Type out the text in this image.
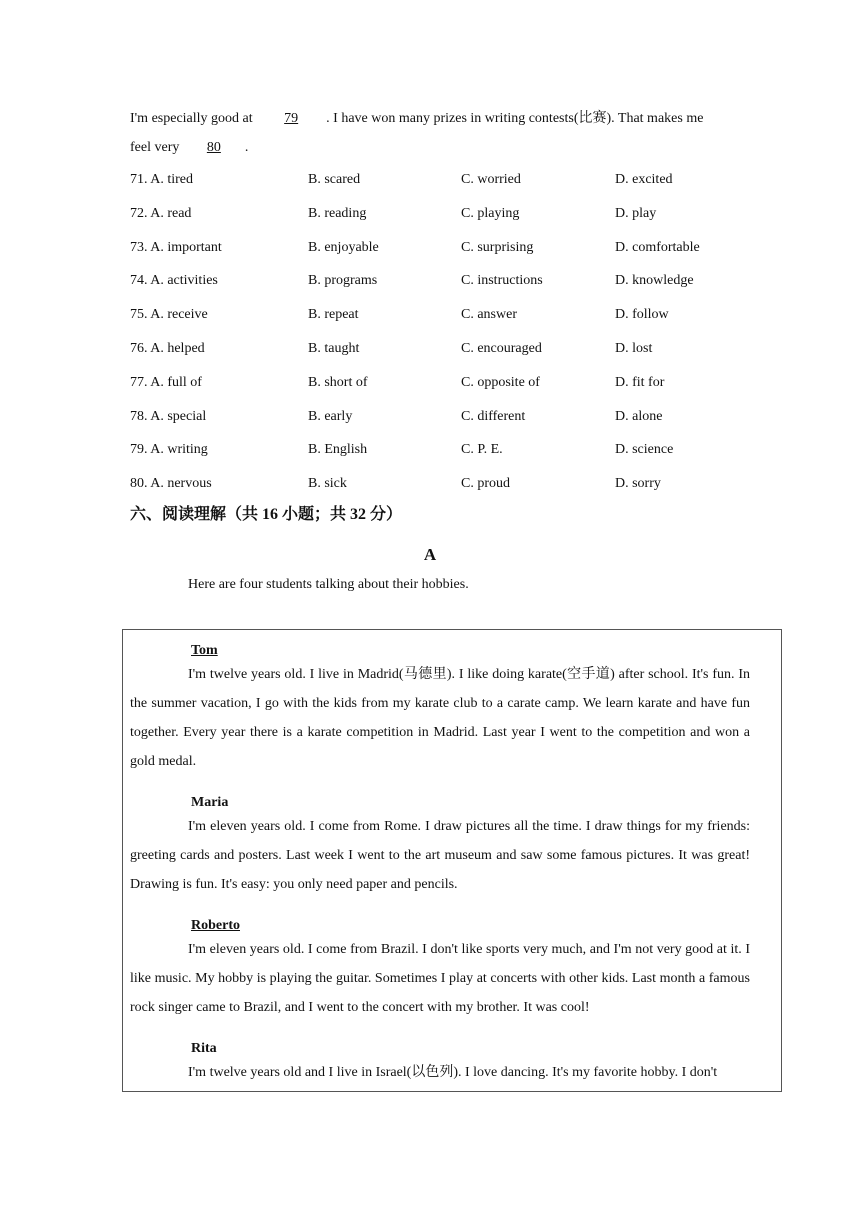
I'm especially good at 79 . I have won many prizes in writing contests(比赛). That makes me
feel very 80 .
71. A. tired	B. scared	C. worried	D. excited
72. A. read	B. reading	C. playing	D. play
73. A. important	B. enjoyable	C. surprising	D. comfortable
74. A. activities	B. programs	C. instructions	D. knowledge
75. A. receive	B. repeat	C. answer	D. follow
76. A. helped	B. taught	C. encouraged	D. lost
77. A. full of	B. short of	C. opposite of	D. fit for
78. A. special	B. early	C. different	D. alone
79. A. writing	B. English	C. P. E.	D. science
80. A. nervous	B. sick	C. proud	D. sorry
六、阅读理解（共 16 小题；共 32 分）
A
Here are four students talking about their hobbies.
Tom

I'm twelve years old. I live in Madrid(马德里). I like doing karate(空手道) after school. It's fun. In the summer vacation, I go with the kids from my karate club to a carate camp. We learn karate and have fun together. Every year there is a karate competition in Madrid. Last year I went to the competition and won a gold medal.

Maria

I'm eleven years old. I come from Rome. I draw pictures all the time. I draw things for my friends: greeting cards and posters. Last week I went to the art museum and saw some famous pictures. It was great! Drawing is fun. It's easy: you only need paper and pencils.

Roberto

I'm eleven years old. I come from Brazil. I don't like sports very much, and I'm not very good at it. I like music. My hobby is playing the guitar. Sometimes I play at concerts with other kids. Last month a famous rock singer came to Brazil, and I went to the concert with my brother. It was cool!

Rita

I'm twelve years old and I live in Israel(以色列). I love dancing. It's my favorite hobby. I don't
